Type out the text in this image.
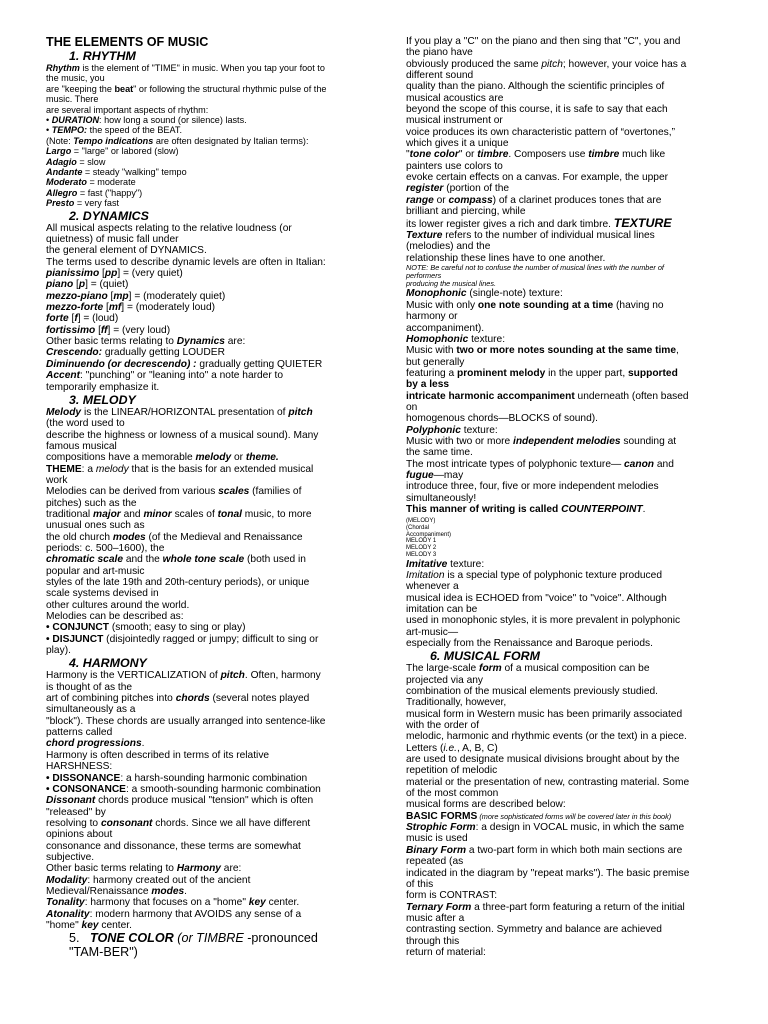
THE ELEMENTS OF MUSIC

1. RHYTHM

Rhythm is the element of "TIME" in music. When you tap your foot to

the music, you

are "keeping the beat" or following the structural rhythmic pulse of the

music. There

are several important aspects of rhythm:

• DURATION: how long a sound (or silence) lasts.

• TEMPO: the speed of the BEAT.

(Note: Tempo indications are often designated by Italian terms):

Largo = "large" or labored (slow)

Adagio = slow

Andante = steady "walking" tempo

Moderato = moderate

Allegro = fast ("happy")

Presto = very fast

2. DYNAMICS

All musical aspects relating to the relative loudness (or

quietness) of music fall under

the general element of DYNAMICS.

The terms used to describe dynamic levels are often in Italian:

pianissimo [pp] = (very quiet)

piano [p] = (quiet)

mezzo-piano [mp] = (moderately quiet)

mezzo-forte [mf] = (moderately loud)

forte [f] = (loud)

fortissimo [ff] = (very loud)

Other basic terms relating to Dynamics are:

Crescendo: gradually getting LOUDER

Diminuendo (or decrescendo) : gradually getting QUIETER

Accent: "punching" or "leaning into" a note harder to

temporarily emphasize it.

3. MELODY

Melody is the LINEAR/HORIZONTAL presentation of pitch

(the word used to

describe the highness or lowness of a musical sound). Many

famous musical

compositions have a memorable melody or theme.

THEME: a melody that is the basis for an extended musical

work

Melodies can be derived from various scales (families of

pitches) such as the

traditional major and minor scales of tonal music, to more

unusual ones such as

the old church modes (of the Medieval and Renaissance

periods: c. 500–1600), the

chromatic scale and the whole tone scale (both used in

popular and art-music

styles of the late 19th and 20th-century periods), or unique

scale systems devised in

other cultures around the world.

Melodies can be described as:

• CONJUNCT (smooth; easy to sing or play)

• DISJUNCT (disjointedly ragged or jumpy; difficult to sing or

play).

4. HARMONY

Harmony is the VERTICALIZATION of pitch. Often, harmony

is thought of as the

art of combining pitches into chords (several notes played

simultaneously as a

"block"). These chords are usually arranged into sentence-like

patterns called

chord progressions.

Harmony is often described in terms of its relative

HARSHNESS:

• DISSONANCE: a harsh-sounding harmonic combination

• CONSONANCE: a smooth-sounding harmonic combination

Dissonant chords produce musical "tension" which is often

"released" by

resolving to consonant chords. Since we all have different

opinions about

consonance and dissonance, these terms are somewhat

subjective.

Other basic terms relating to Harmony are:

Modality: harmony created out of the ancient

Medieval/Renaissance modes.

Tonality: harmony that focuses on a "home" key center.

Atonality: modern harmony that AVOIDS any sense of a

"home" key center.

5. TONE COLOR (or TIMBRE -pronounced
"TAM-BER")

If you play a "C" on the piano and then sing that "C", you and

the piano have

obviously produced the same pitch; however, your voice has a

different sound

quality than the piano. Although the scientific principles of

musical acoustics are

beyond the scope of this course, it is safe to say that each

musical instrument or

voice produces its own characteristic pattern of “overtones,”

which gives it a unique

"tone color" or timbre. Composers use timbre much like

painters use colors to

evoke certain effects on a canvas. For example, the upper

register (portion of the

range or compass) of a clarinet produces tones that are

brilliant and piercing, while

its lower register gives a rich and dark timbre. TEXTURE

Texture refers to the number of individual musical lines

(melodies) and the

relationship these lines have to one another.

NOTE: Be careful not to confuse the number of musical lines with the number of

performers

producing the musical lines.

Monophonic (single-note) texture:

Music with only one note sounding at a time (having no

harmony or

accompaniment).

Homophonic texture:

Music with two or more notes sounding at the same time,

but generally

featuring a prominent melody in the upper part, supported

by a less

intricate harmonic accompaniment underneath (often based

on

homogenous chords—BLOCKS of sound).

Polyphonic texture:

Music with two or more independent melodies sounding at

the same time.

The most intricate types of polyphonic texture— canon and

fugue—may

introduce three, four, five or more independent melodies

simultaneously!

This manner of writing is called COUNTERPOINT.

(MELODY)

(Chordal

Accompaniment)

MELODY 1

MELODY 2

MELODY 3

Imitative texture:

Imitation is a special type of polyphonic texture produced

whenever a

musical idea is ECHOED from "voice" to "voice". Although

imitation can be

used in monophonic styles, it is more prevalent in polyphonic

art-music—

especially from the Renaissance and Baroque periods.

6. MUSICAL FORM

The large-scale form of a musical composition can be

projected via any

combination of the musical elements previously studied.

Traditionally, however,

musical form in Western music has been primarily associated

with the order of

melodic, harmonic and rhythmic events (or the text) in a piece.

Letters (i.e., A, B, C)

are used to designate musical divisions brought about by the

repetition of melodic

material or the presentation of new, contrasting material. Some

of the most common

musical forms are described below:

BASIC FORMS (more sophisticated forms will be covered later in this book)

Strophic Form: a design in VOCAL music, in which the same

music is used

Binary Form a two-part form in which both main sections are

repeated (as

indicated in the diagram by "repeat marks"). The basic premise

of this

form is CONTRAST:

Ternary Form a three-part form featuring a return of the initial

music after a

contrasting section. Symmetry and balance are achieved

through this

return of material:
